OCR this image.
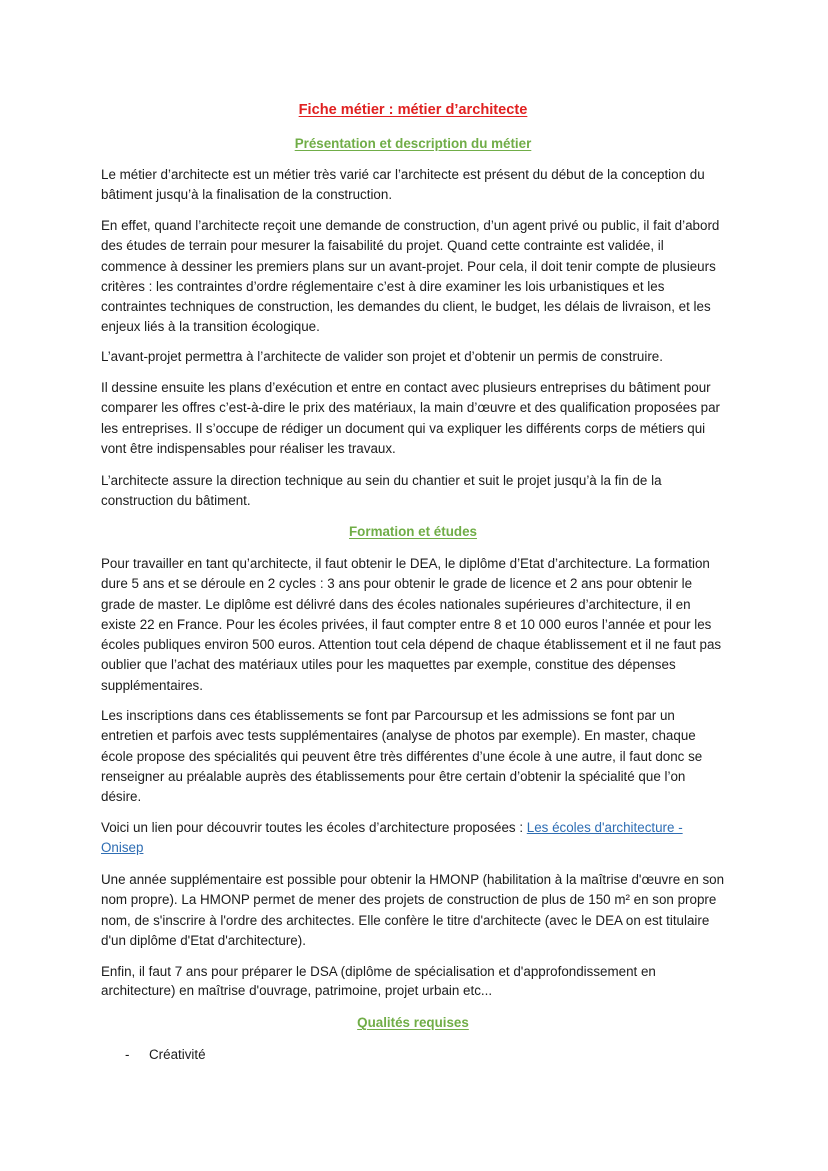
Fiche métier : métier d’architecte
Présentation et description du métier

Le métier d’architecte est un métier très varié car l’architecte est présent du début de la conception du bâtiment jusqu’à la finalisation de la construction.

En effet, quand l’architecte reçoit une demande de construction, d’un agent privé ou public, il fait d’abord des études de terrain pour mesurer la faisabilité du projet. Quand cette contrainte est validée, il commence à dessiner les premiers plans sur un avant-projet. Pour cela, il doit tenir compte de plusieurs critères : les contraintes d’ordre réglementaire c’est à dire examiner les lois urbanistiques et les contraintes techniques de construction, les demandes du client, le budget, les délais de livraison, et les enjeux liés à la transition écologique.

L’avant-projet permettra à l’architecte de valider son projet et d’obtenir un permis de construire.

Il dessine ensuite les plans d’exécution et entre en contact avec plusieurs entreprises du bâtiment pour comparer les offres c’est-à-dire le prix des matériaux, la main d’œuvre et des qualification proposées par les entreprises. Il s’occupe de rédiger un document qui va expliquer les différents corps de métiers qui vont être indispensables pour réaliser les travaux.

L’architecte assure la direction technique au sein du chantier et suit le projet jusqu’à la fin de la construction du bâtiment.

Formation et études

Pour travailler en tant qu’architecte, il faut obtenir le DEA, le diplôme d’Etat d’architecture. La formation dure 5 ans et se déroule en 2 cycles : 3 ans pour obtenir le grade de licence et 2 ans pour obtenir le grade de master. Le diplôme est délivré dans des écoles nationales supérieures d’architecture, il en existe 22 en France. Pour les écoles privées, il faut compter entre 8 et 10 000 euros l’année et pour les écoles publiques environ 500 euros. Attention tout cela dépend de chaque établissement et il ne faut pas oublier que l’achat des matériaux utiles pour les maquettes par exemple, constitue des dépenses supplémentaires.

Les inscriptions dans ces établissements se font par Parcoursup et les admissions se font par un entretien et parfois avec tests supplémentaires (analyse de photos par exemple). En master, chaque école propose des spécialités qui peuvent être très différentes d’une école à une autre, il faut donc se renseigner au préalable auprès des établissements pour être certain d’obtenir la spécialité que l’on désire.

Voici un lien pour découvrir toutes les écoles d’architecture proposées : Les écoles d'architecture - Onisep

Une année supplémentaire est possible pour obtenir la HMONP (habilitation à la maîtrise d'œuvre en son nom propre). La HMONP permet de mener des projets de construction de plus de 150 m² en son propre nom, de s'inscrire à l'ordre des architectes. Elle confère le titre d'architecte (avec le DEA on est titulaire d'un diplôme d'Etat d'architecture).

Enfin, il faut 7 ans pour préparer le DSA (diplôme de spécialisation et d'approfondissement en architecture) en maîtrise d'ouvrage, patrimoine, projet urbain etc...

Qualités requises
- Créativité
